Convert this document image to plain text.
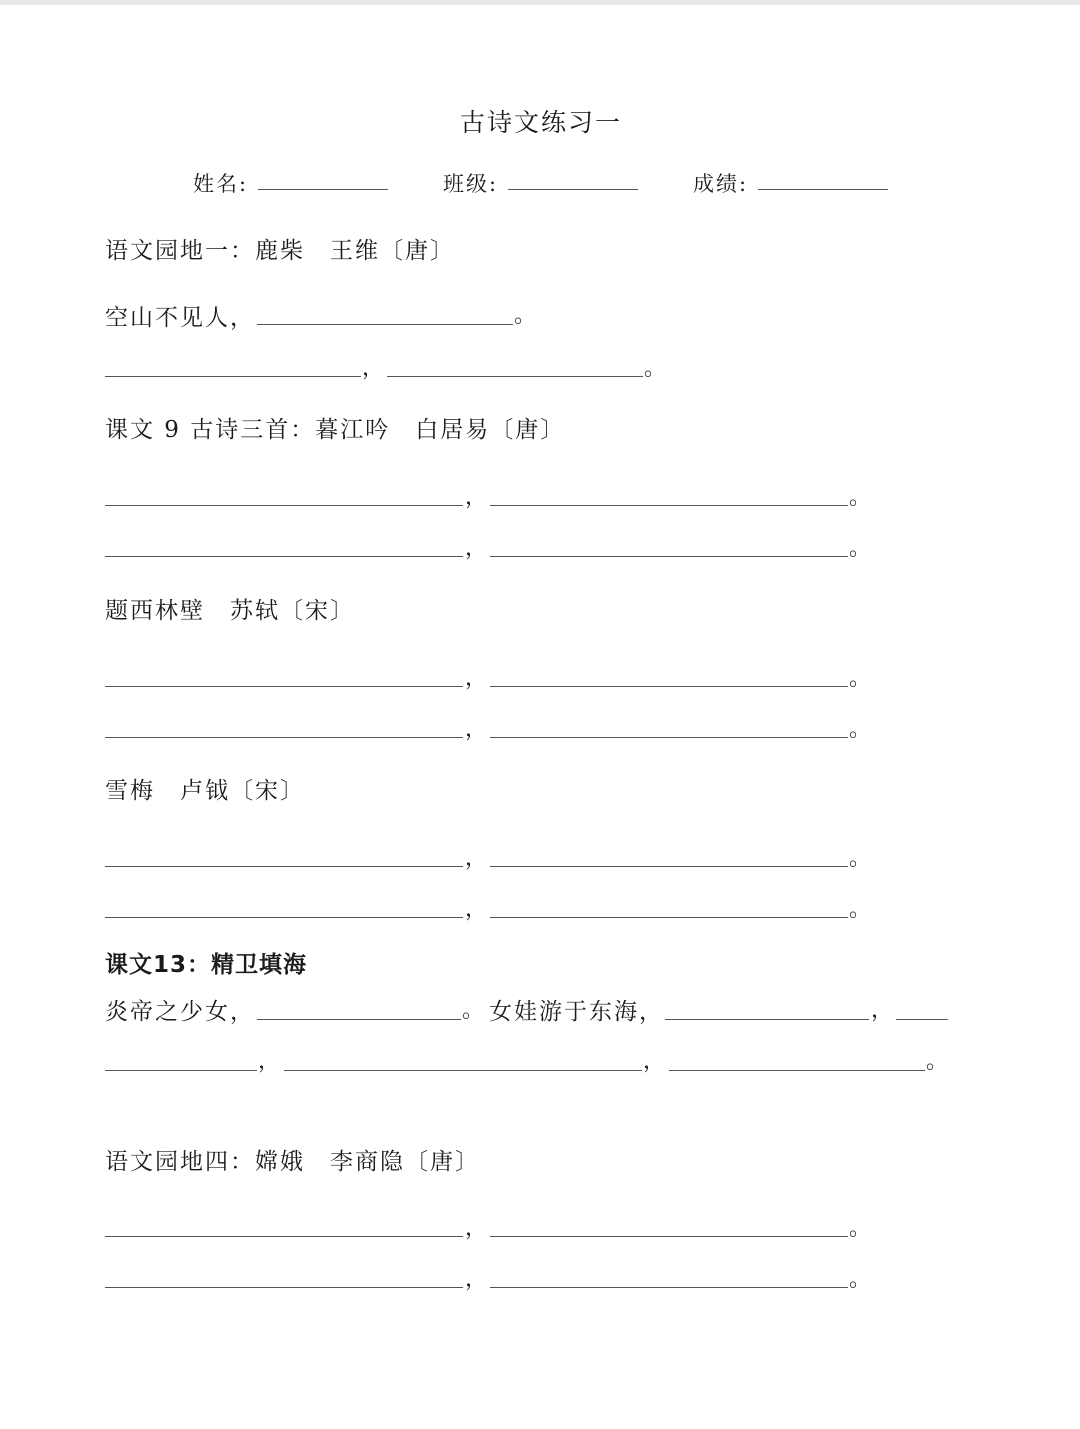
古诗文练习一
姓名:	班级:	成绩:
语文园地一：鹿柴　王维〔唐〕
空山不见人，	。
，	。
课文 9 古诗三首：暮江吟　白居易〔唐〕
，	。
，	。
题西林壁　苏轼〔宋〕
，	。
，	。
雪梅　卢钺〔宋〕
，	。
，	。
课文13：精卫填海
炎帝之少女，	。 女娃游于东海，	，
，	，	。
语文园地四：嫦娥　李商隐〔唐〕
，	。
，	。
